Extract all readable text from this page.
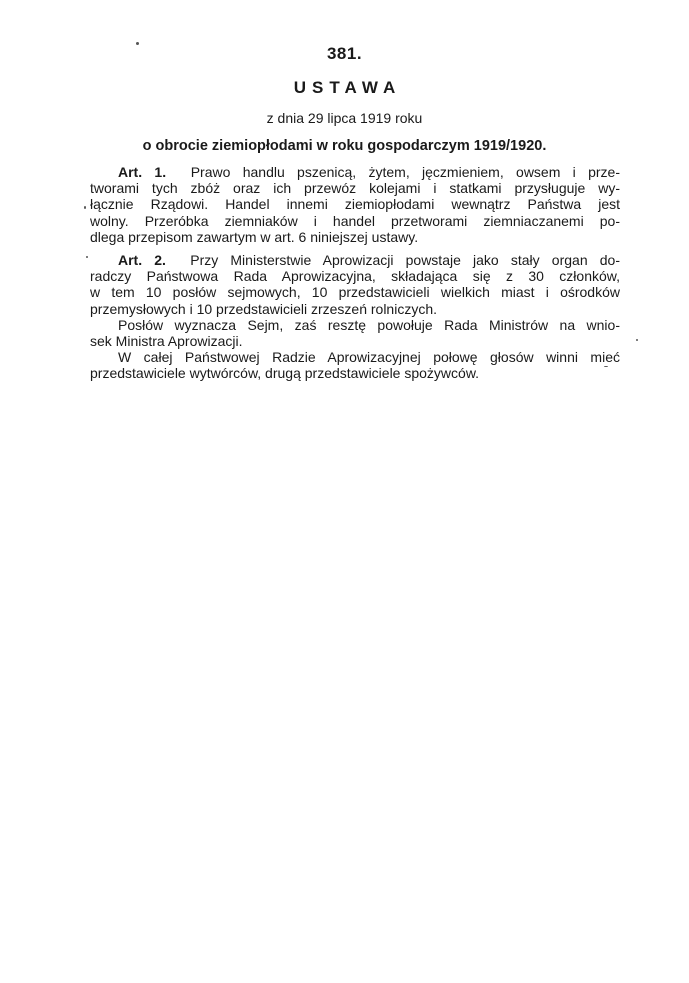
381.
USTAWA
z dnia 29 lipca 1919 roku
o obrocie ziemiopłodami w roku gospodarczym 1919/1920.
Art. 1. Prawo handlu pszenicą, żytem, jęczmieniem, owsem i prze-
tworami tych zbóż oraz ich przewóz kolejami i statkami przysługuje wy-
łącznie Rządowi. Handel innemi ziemiopłodami wewnątrz Państwa jest
wolny. Przeróbka ziemniaków i handel przetworami ziemniaczanemi po-
dlega przepisom zawartym w art. 6 niniejszej ustawy.
Art. 2. Przy Ministerstwie Aprowizacji powstaje jako stały organ do-
radczy Państwowa Rada Aprowizacyjna, składająca się z 30 członków,
w tem 10 posłów sejmowych, 10 przedstawicieli wielkich miast i ośrodków
przemysłowych i 10 przedstawicieli zrzeszeń rolniczych.
Posłów wyznacza Sejm, zaś resztę powołuje Rada Ministrów na wnio-
sek Ministra Aprowizacji.
W całej Państwowej Radzie Aprowizacyjnej połowę głosów winni mieć
przedstawiciele wytwórców, drugą przedstawiciele spożywców.
